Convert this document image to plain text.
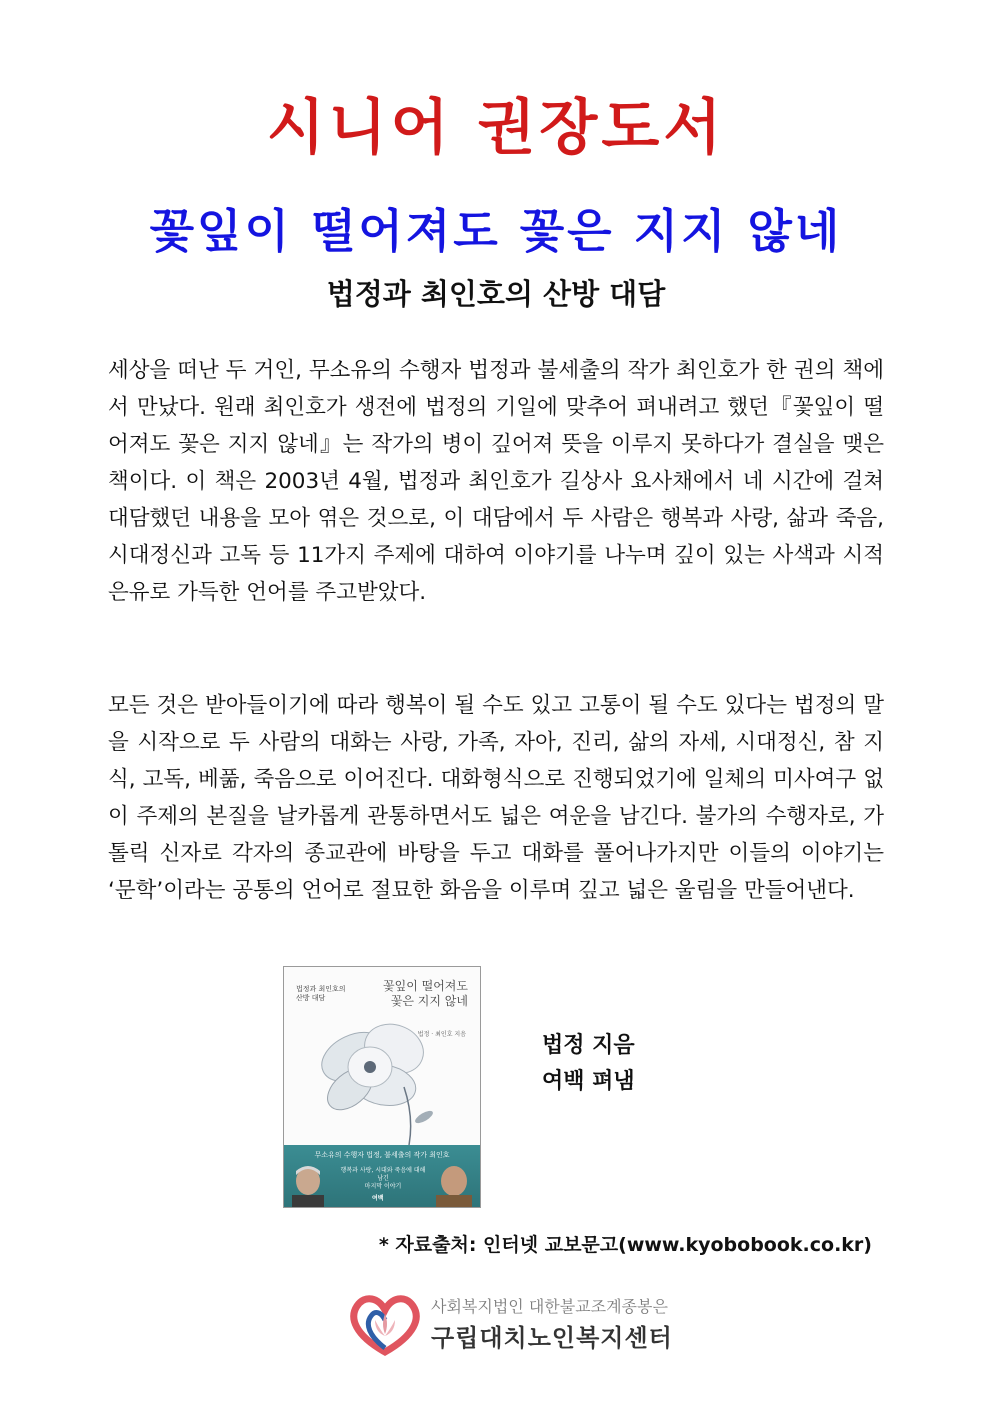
시니어 권장도서
꽃잎이 떨어져도 꽃은 지지 않네
법정과 최인호의 산방 대담

세상을 떠난 두 거인, 무소유의 수행자 법정과 불세출의 작가 최인호가 한 권의 책에서 만났다. 원래 최인호가 생전에 법정의 기일에 맞추어 펴내려고 했던『꽃잎이 떨어져도 꽃은 지지 않네』는 작가의 병이 깊어져 뜻을 이루지 못하다가 결실을 맺은 책이다. 이 책은 2003년 4월, 법정과 최인호가 길상사 요사채에서 네 시간에 걸쳐 대담했던 내용을 모아 엮은 것으로, 이 대담에서 두 사람은 행복과 사랑, 삶과 죽음, 시대정신과 고독 등 11가지 주제에 대하여 이야기를 나누며 깊이 있는 사색과 시적 은유로 가득한 언어를 주고받았다.

모든 것은 받아들이기에 따라 행복이 될 수도 있고 고통이 될 수도 있다는 법정의 말을 시작으로 두 사람의 대화는 사랑, 가족, 자아, 진리, 삶의 자세, 시대정신, 참 지식, 고독, 베풂, 죽음으로 이어진다. 대화형식으로 진행되었기에 일체의 미사여구 없이 주제의 본질을 날카롭게 관통하면서도 넓은 여운을 남긴다. 불가의 수행자로, 가톨릭 신자로 각자의 종교관에 바탕을 두고 대화를 풀어나가지만 이들의 이야기는 ‘문학’이라는 공통의 언어로 절묘한 화음을 이루며 깊고 넓은 울림을 만들어낸다.

법정과 최인호의
산방 대담
꽃잎이 떨어져도
꽃은 지지 않네
법정 · 최인호 지음
무소유의 수행자 법정, 불세출의 작가 최인호
행복과 사랑, 시대와 죽음에 대해 남긴
마지막 이야기
여백
법정 지음
여백 펴냄
* 자료출처: 인터넷 교보문고(www.kyobobook.co.kr)
사회복지법인 대한불교조계종봉은
구립대치노인복지센터
